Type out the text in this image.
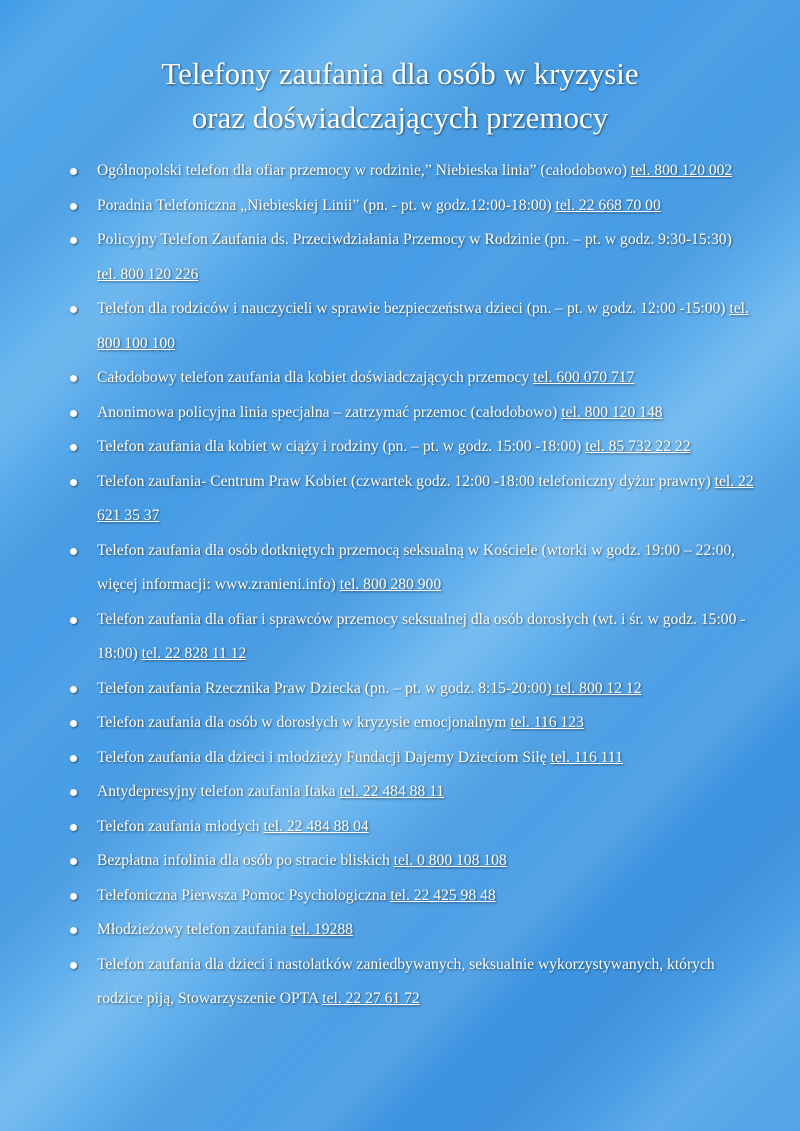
Telefony zaufania dla osób w kryzysie
oraz doświadczających przemocy
Ogólnopolski telefon dla ofiar przemocy w rodzinie,” Niebieska linia” (całodobowo) tel. 800 120 002
Poradnia Telefoniczna „Niebieskiej Linii” (pn. - pt. w godz.12:00-18:00) tel. 22 668 70 00
Policyjny Telefon Zaufania ds. Przeciwdziałania Przemocy w Rodzinie (pn. – pt. w godz. 9:30-15:30) tel. 800 120 226
Telefon dla rodziców i nauczycieli w sprawie bezpieczeństwa dzieci (pn. – pt. w godz. 12:00 -15:00) tel. 800 100 100
Całodobowy telefon zaufania dla kobiet doświadczających przemocy tel. 600 070 717
Anonimowa policyjna linia specjalna – zatrzymać przemoc (całodobowo) tel. 800 120 148
Telefon zaufania dla kobiet w ciąży i rodziny (pn. – pt. w godz. 15:00 -18:00) tel. 85 732 22 22
Telefon zaufania- Centrum Praw Kobiet (czwartek godz. 12:00 -18:00 telefoniczny dyżur prawny) tel. 22 621 35 37
Telefon zaufania dla osób dotkniętych przemocą seksualną w Kościele (wtorki w godz. 19:00 – 22:00, więcej informacji: www.zranieni.info) tel. 800 280 900
Telefon zaufania dla ofiar i sprawców przemocy seksualnej dla osób dorosłych (wt. i śr. w godz. 15:00 - 18:00) tel. 22 828 11 12
Telefon zaufania Rzecznika Praw Dziecka (pn. – pt. w godz. 8:15-20:00) tel. 800 12 12
Telefon zaufania dla osób w dorosłych w kryzysie emocjonalnym tel. 116 123
Telefon zaufania dla dzieci i młodzieży Fundacji Dajemy Dzieciom Siłę tel. 116 111
Antydepresyjny telefon zaufania Itaka tel. 22 484 88 11
Telefon zaufania młodych tel. 22 484 88 04
Bezpłatna infolinia dla osób po stracie bliskich tel. 0 800 108 108
Telefoniczna Pierwsza Pomoc Psychologiczna tel. 22 425 98 48
Młodzieżowy telefon zaufania tel. 19288
Telefon zaufania dla dzieci i nastolatków zaniedbywanych, seksualnie wykorzystywanych, których rodzice piją, Stowarzyszenie OPTA tel. 22 27 61 72
